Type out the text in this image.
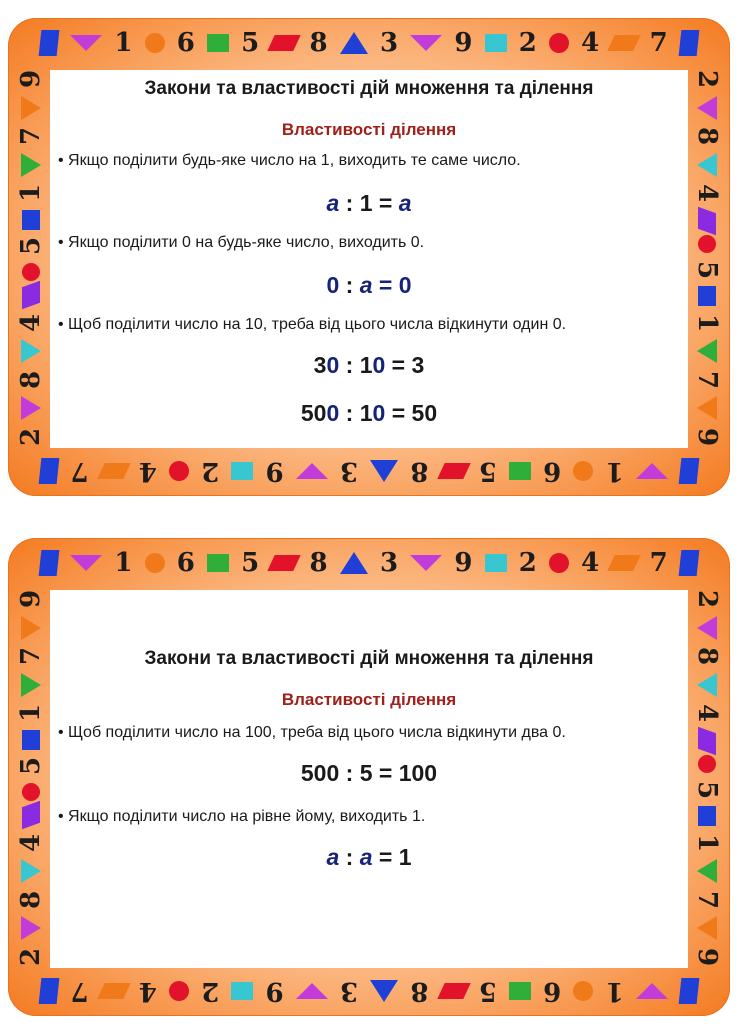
1 6 5 8 3 9 2 4 7
9
7
1
5
4
8
2
2
8
4
5
1
7
9
1
6
5
8
3
9
2
4
7
Закони та властивості дій множення та ділення
Властивості ділення
• Якщо поділити будь-яке число на 1, виходить те саме число.
a : 1 = a
• Якщо поділити 0 на будь-яке число, виходить 0.
0 : a = 0
• Щоб поділити число на 10, треба від цього числа відкинути один 0.
30 : 10 = 3
500 : 10 = 50
1 6 5 8 3 9 2 4 7
9
7
1
5
4
8
2
2
8
4
5
1
7
9
1
6
5
8
3
9
2
4
7
Закони та властивості дій множення та ділення
Властивості ділення
• Щоб поділити число на 100, треба від цього числа відкинути два 0.
500 : 5 = 100
• Якщо поділити число на рівне йому, виходить 1.
a : a = 1
